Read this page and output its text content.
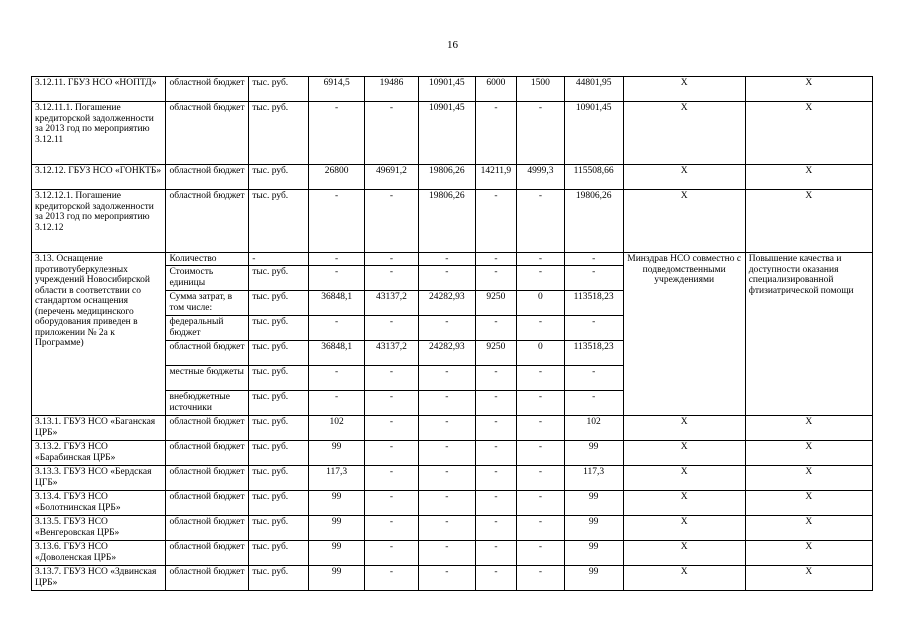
16
3.12.11. ГБУЗ НСО «НОПТД»	областной бюджет	тыс. руб.	6914,5	19486	10901,45	6000	1500	44801,95	X	X
3.12.11.1. Погашение кредиторской задолженности за 2013 год по мероприятию 3.12.11	областной бюджет	тыс. руб.	-	-	10901,45	-	-	10901,45	X	X
3.12.12. ГБУЗ НСО «ГОНКТБ»	областной бюджет	тыс. руб.	26800	49691,2	19806,26	14211,9	4999,3	115508,66	X	X
3.12.12.1. Погашение кредиторской задолженности за 2013 год по мероприятию 3.12.12	областной бюджет	тыс. руб.	-	-	19806,26	-	-	19806,26	X	X
3.13. Оснащение противотуберкулезных учреждений Новосибирской области в соответствии со стандартом оснащения (перечень медицинского оборудования приведен в приложении № 2а к Программе)	Количество	-	-	-	-	-	-	-	Минздрав НСО совместно с подведомственными учреждениями	Повышение качества и доступности оказания специализированной фтизиатрической помощи
	Стоимость единицы	тыс. руб.	-	-	-	-	-	-		
	Сумма затрат, в том числе:	тыс. руб.	36848,1	43137,2	24282,93	9250	0	113518,23		
	федеральный бюджет	тыс. руб.	-	-	-	-	-	-		
	областной бюджет	тыс. руб.	36848,1	43137,2	24282,93	9250	0	113518,23		
	местные бюджеты	тыс. руб.	-	-	-	-	-	-		
	внебюджетные источники	тыс. руб.	-	-	-	-	-	-		
3.13.1. ГБУЗ НСО «Баганская ЦРБ»	областной бюджет	тыс. руб.	102	-	-	-	-	102	X	X
3.13.2. ГБУЗ НСО «Барабинская ЦРБ»	областной бюджет	тыс. руб.	99	-	-	-	-	99	X	X
3.13.3. ГБУЗ НСО «Бердская ЦГБ»	областной бюджет	тыс. руб.	117,3	-	-	-	-	117,3	X	X
3.13.4. ГБУЗ НСО «Болотнинская ЦРБ»	областной бюджет	тыс. руб.	99	-	-	-	-	99	X	X
3.13.5. ГБУЗ НСО «Венгеровская ЦРБ»	областной бюджет	тыс. руб.	99	-	-	-	-	99	X	X
3.13.6. ГБУЗ НСО «Доволенская ЦРБ»	областной бюджет	тыс. руб.	99	-	-	-	-	99	X	X
3.13.7. ГБУЗ НСО «Здвинская ЦРБ»	областной бюджет	тыс. руб.	99	-	-	-	-	99	X	X
